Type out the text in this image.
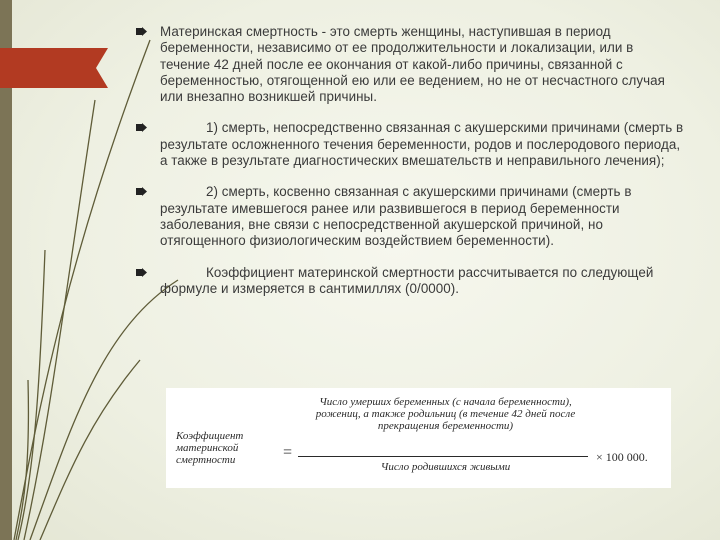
Материнская смертность - это смерть женщины, наступившая в период беременности, независимо от ее продолжительности и локализации, или в течение 42 дней после ее окончания от какой-либо причины, связанной с беременностью, отягощенной ею или ее ведением, но не от несчастного случая или внезапно возникшей причины.
1) смерть, непосредственно связанная с акушерскими причинами (смерть в результате осложненного течения беременности, родов и послеродового периода, а также в результате диагностических вмешательств и неправильного лечения);
2) смерть, косвенно связанная с акушерскими причинами (смерть в результате имевшегося ранее или развившегося в период беременности заболевания, вне связи с непосредственной акушерской причиной, но отягощенного физиологическим воздействием беременности).
Коэффициент материнской смертности рассчитывается по следующей формуле и измеряется в сантимиллях (0/0000).
Коэффициент материнской смертности	=
Число умерших беременных (с начала беременности), рожениц, а также родильниц (в течение 42 дней после прекращения беременности)
Число родившихся живыми
× 100 000.
